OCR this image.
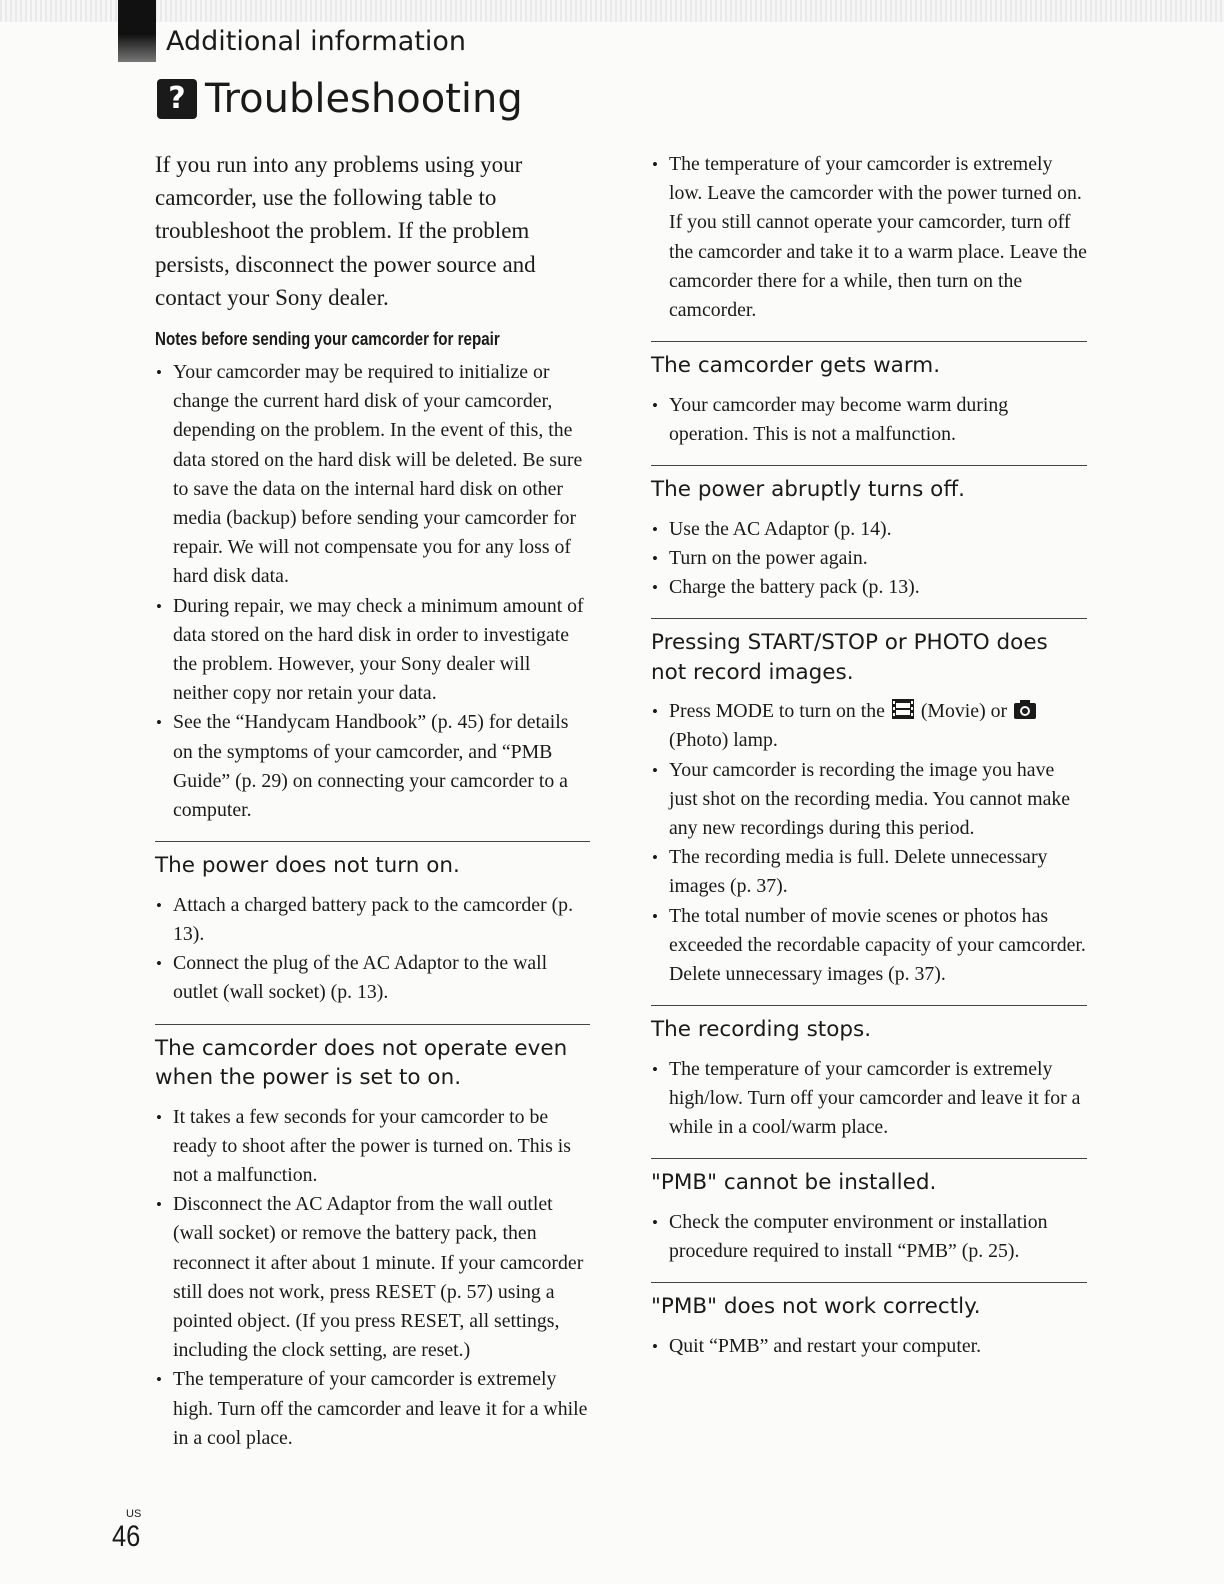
Additional information
? Troubleshooting

If you run into any problems using your camcorder, use the following table to troubleshoot the problem. If the problem persists, disconnect the power source and contact your Sony dealer.

Notes before sending your camcorder for repair
• Your camcorder may be required to initialize or change the current hard disk of your camcorder, depending on the problem. In the event of this, the data stored on the hard disk will be deleted. Be sure to save the data on the internal hard disk on other media (backup) before sending your camcorder for repair. We will not compensate you for any loss of hard disk data.
• During repair, we may check a minimum amount of data stored on the hard disk in order to investigate the problem. However, your Sony dealer will neither copy nor retain your data.
• See the “Handycam Handbook” (p. 45) for details on the symptoms of your camcorder, and “PMB Guide” (p. 29) on connecting your camcorder to a computer.
The power does not turn on.
• Attach a charged battery pack to the camcorder (p. 13).
• Connect the plug of the AC Adaptor to the wall outlet (wall socket) (p. 13).
The camcorder does not operate even when the power is set to on.
• It takes a few seconds for your camcorder to be ready to shoot after the power is turned on. This is not a malfunction.
• Disconnect the AC Adaptor from the wall outlet (wall socket) or remove the battery pack, then reconnect it after about 1 minute. If your camcorder still does not work, press RESET (p. 57) using a pointed object. (If you press RESET, all settings, including the clock setting, are reset.)
• The temperature of your camcorder is extremely high. Turn off the camcorder and leave it for a while in a cool place.
• The temperature of your camcorder is extremely low. Leave the camcorder with the power turned on. If you still cannot operate your camcorder, turn off the camcorder and take it to a warm place. Leave the camcorder there for a while, then turn on the camcorder.
The camcorder gets warm.
• Your camcorder may become warm during operation. This is not a malfunction.
The power abruptly turns off.
• Use the AC Adaptor (p. 14).
• Turn on the power again.
• Charge the battery pack (p. 13).
Pressing START/STOP or PHOTO does not record images.
• Press MODE to turn on the (Movie) or  (Photo) lamp.
• Your camcorder is recording the image you have just shot on the recording media. You cannot make any new recordings during this period.
• The recording media is full. Delete unnecessary images (p. 37).
• The total number of movie scenes or photos has exceeded the recordable capacity of your camcorder. Delete unnecessary images (p. 37).
The recording stops.
• The temperature of your camcorder is extremely high/low. Turn off your camcorder and leave it for a while in a cool/warm place.
"PMB" cannot be installed.
• Check the computer environment or installation procedure required to install “PMB” (p. 25).
"PMB" does not work correctly.
• Quit “PMB” and restart your computer.
US
46
